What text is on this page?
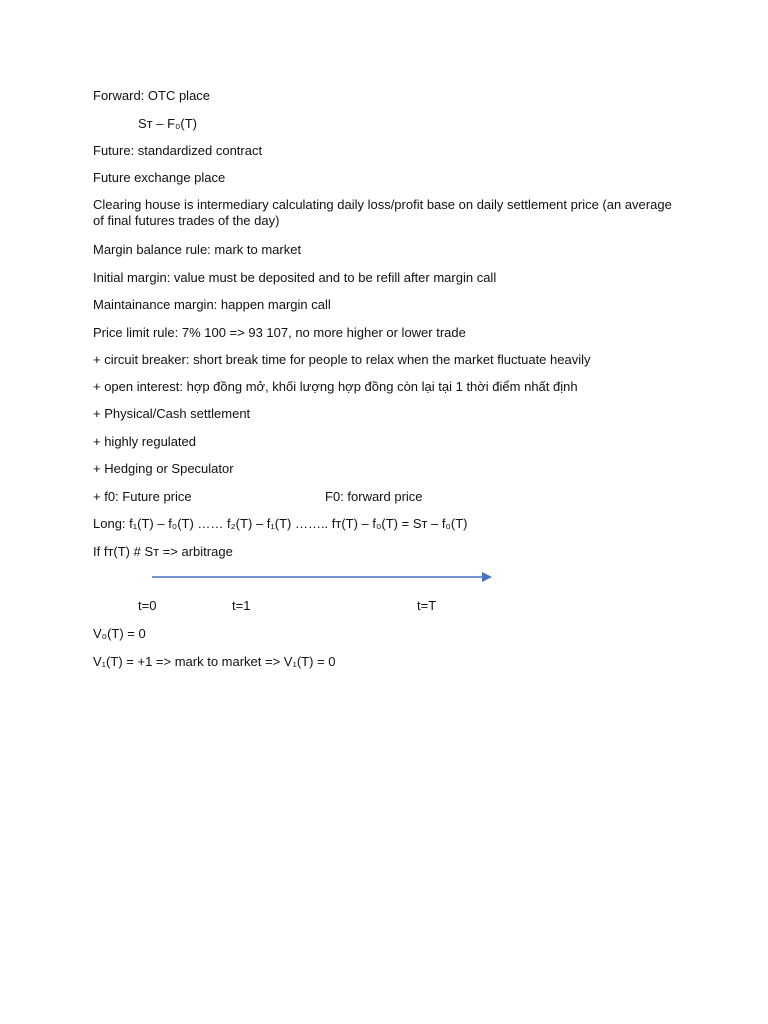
Forward: OTC place
Sᴛ – F₀(T)
Future: standardized contract
Future exchange place
Clearing house is intermediary calculating daily loss/profit base on daily settlement price (an average of final futures trades of the day)
Margin balance rule: mark to market
Initial margin: value must be deposited and to be refill after margin call
Maintainance margin: happen margin call
Price limit rule: 7% 100 => 93 107, no more higher or lower trade
+ circuit breaker: short break time for people to relax when the market fluctuate heavily
+ open interest: hợp đồng mở, khối lượng hợp đồng còn lại tại 1 thời điểm nhất định
+ Physical/Cash settlement
+ highly regulated
+ Hedging or Speculator
+ f0: Future price	F0: forward price
Long: f₁(T) – f₀(T) …… f₂(T) – f₁(T) …….. fᴛ(T) – f₀(T) = Sᴛ – f₀(T)
If fᴛ(T) # Sᴛ => arbitrage
t=0	t=1	t=T
V₀(T) = 0
V₁(T) = +1 => mark to market => V₁(T) = 0
